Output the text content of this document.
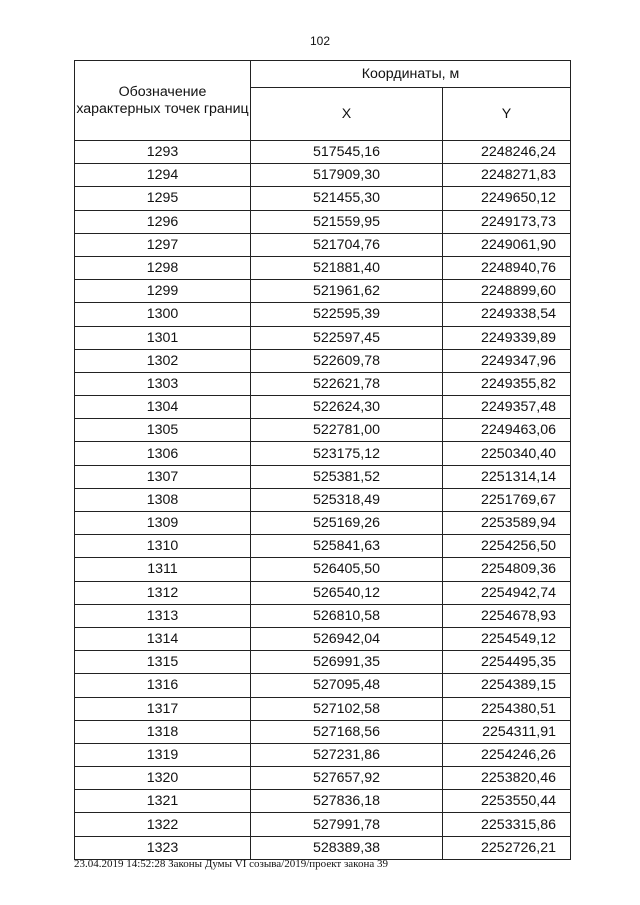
102
Обозначение характерных точек границ	Координаты, м	
	X	Y
1293	517545,16	2248246,24
1294	517909,30	2248271,83
1295	521455,30	2249650,12
1296	521559,95	2249173,73
1297	521704,76	2249061,90
1298	521881,40	2248940,76
1299	521961,62	2248899,60
1300	522595,39	2249338,54
1301	522597,45	2249339,89
1302	522609,78	2249347,96
1303	522621,78	2249355,82
1304	522624,30	2249357,48
1305	522781,00	2249463,06
1306	523175,12	2250340,40
1307	525381,52	2251314,14
1308	525318,49	2251769,67
1309	525169,26	2253589,94
1310	525841,63	2254256,50
1311	526405,50	2254809,36
1312	526540,12	2254942,74
1313	526810,58	2254678,93
1314	526942,04	2254549,12
1315	526991,35	2254495,35
1316	527095,48	2254389,15
1317	527102,58	2254380,51
1318	527168,56	2254311,91
1319	527231,86	2254246,26
1320	527657,92	2253820,46
1321	527836,18	2253550,44
1322	527991,78	2253315,86
1323	528389,38	2252726,21
23.04.2019 14:52:28 Законы Думы VI созыва/2019/проект закона 39
